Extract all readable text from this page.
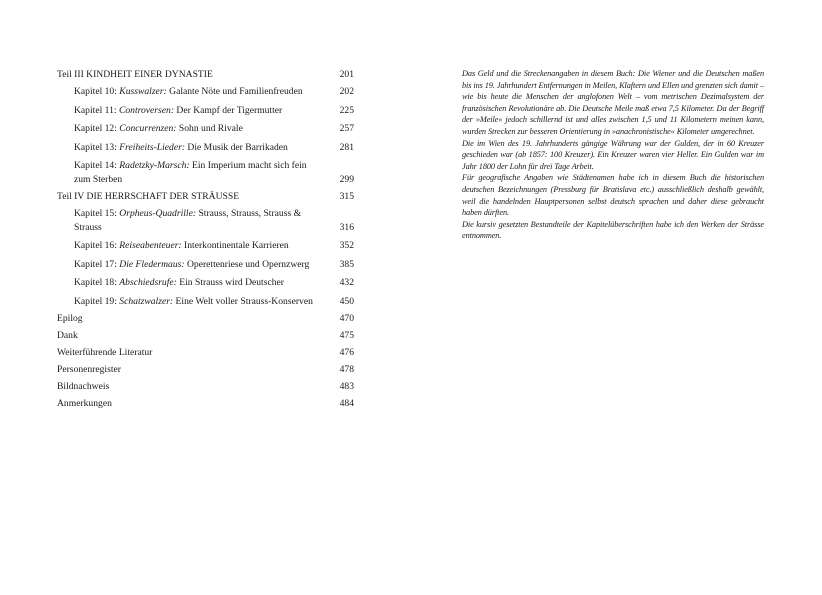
Teil III KINDHEIT EINER DYNASTIE	201
Kapitel 10: Kusswalzer: Galante Nöte und Familienfreuden	202
Kapitel 11: Controversen: Der Kampf der Tigermutter	225
Kapitel 12: Concurrenzen: Sohn und Rivale	257
Kapitel 13: Freiheits-Lieder: Die Musik der Barrikaden	281
Kapitel 14: Radetzky-Marsch: Ein Imperium macht sich fein zum Sterben	299
Teil IV DIE HERRSCHAFT DER STRÄUSSE	315
Kapitel 15: Orpheus-Quadrille: Strauss, Strauss, Strauss & Strauss	316
Kapitel 16: Reiseabenteuer: Interkontinentale Karrieren	352
Kapitel 17: Die Fledermaus: Operettenriese und Opernzwerg	385
Kapitel 18: Abschiedsrufe: Ein Strauss wird Deutscher	432
Kapitel 19: Schatzwalzer: Eine Welt voller Strauss-Konserven	450
Epilog	470
Dank	475
Weiterführende Literatur	476
Personenregister	478
Bildnachweis	483
Anmerkungen	484

Das Geld und die Streckenangaben in diesem Buch: Die Wiener und die Deutschen maßen bis ins 19. Jahrhundert Entfernungen in Meilen, Klaftern und Ellen und grenzten sich damit – wie bis heute die Menschen der anglofonen Welt – vom metrischen Dezimalsystem der französischen Revolutionäre ab. Die Deutsche Meile maß etwa 7,5 Kilometer. Da der Begriff der »Meile« jedoch schillernd ist und alles zwischen 1,5 und 11 Kilometern meinen kann, wurden Strecken zur besseren Orientierung in »anachronistische« Kilometer umgerechnet.

Die im Wien des 19. Jahrhunderts gängige Währung war der Gulden, der in 60 Kreuzer geschieden war (ab 1857: 100 Kreuzer). Ein Kreuzer waren vier Heller. Ein Gulden war im Jahr 1800 der Lohn für drei Tage Arbeit.

Für geografische Angaben wie Städtenamen habe ich in diesem Buch die historischen deutschen Bezeichnungen (Pressburg für Bratislava etc.) ausschließlich deshalb gewählt, weil die handelnden Hauptpersonen selbst deutsch sprachen und daher diese gebraucht haben dürften.

Die kursiv gesetzten Bestandteile der Kapitelüberschriften habe ich den Werken der Strässe entnommen.
